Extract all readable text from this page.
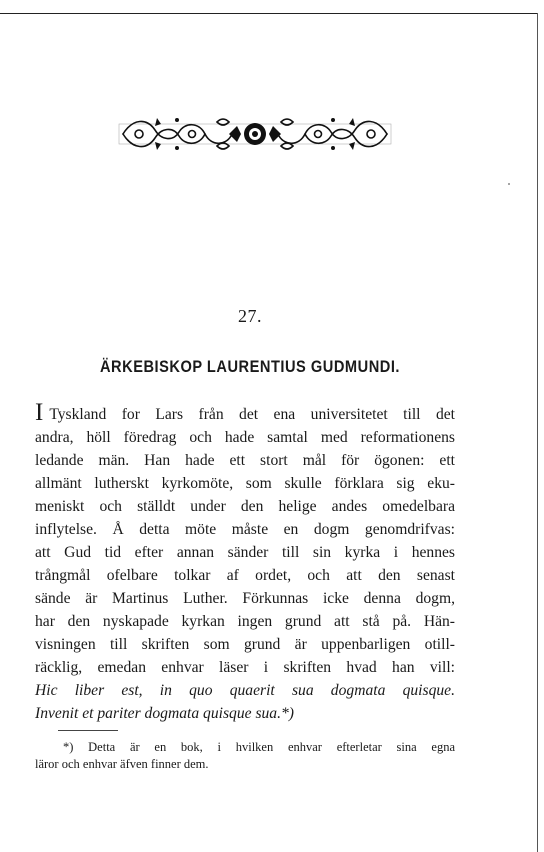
27.
ÄRKEBISKOP LAURENTIUS GUDMUNDI.
I Tyskland for Lars från det ena universitetet till det
andra, höll föredrag och hade samtal med reformationens
ledande män. Han hade ett stort mål för ögonen: ett
allmänt lutherskt kyrkomöte, som skulle förklara sig eku-
meniskt och ställdt under den helige andes omedelbara
inflytelse. Å detta möte måste en dogm genomdrifvas:
att Gud tid efter annan sänder till sin kyrka i hennes
trångmål ofelbare tolkar af ordet, och att den senast
sände är Martinus Luther. Förkunnas icke denna dogm,
har den nyskapade kyrkan ingen grund att stå på. Hän-
visningen till skriften som grund är uppenbarligen otill-
räcklig, emedan enhvar läser i skriften hvad han vill:
Hic liber est, in quo quaerit sua dogmata quisque.
Invenit et pariter dogmata quisque sua.*)
*) Detta är en bok, i hvilken enhvar efterletar sina egna
läror och enhvar äfven finner dem.
